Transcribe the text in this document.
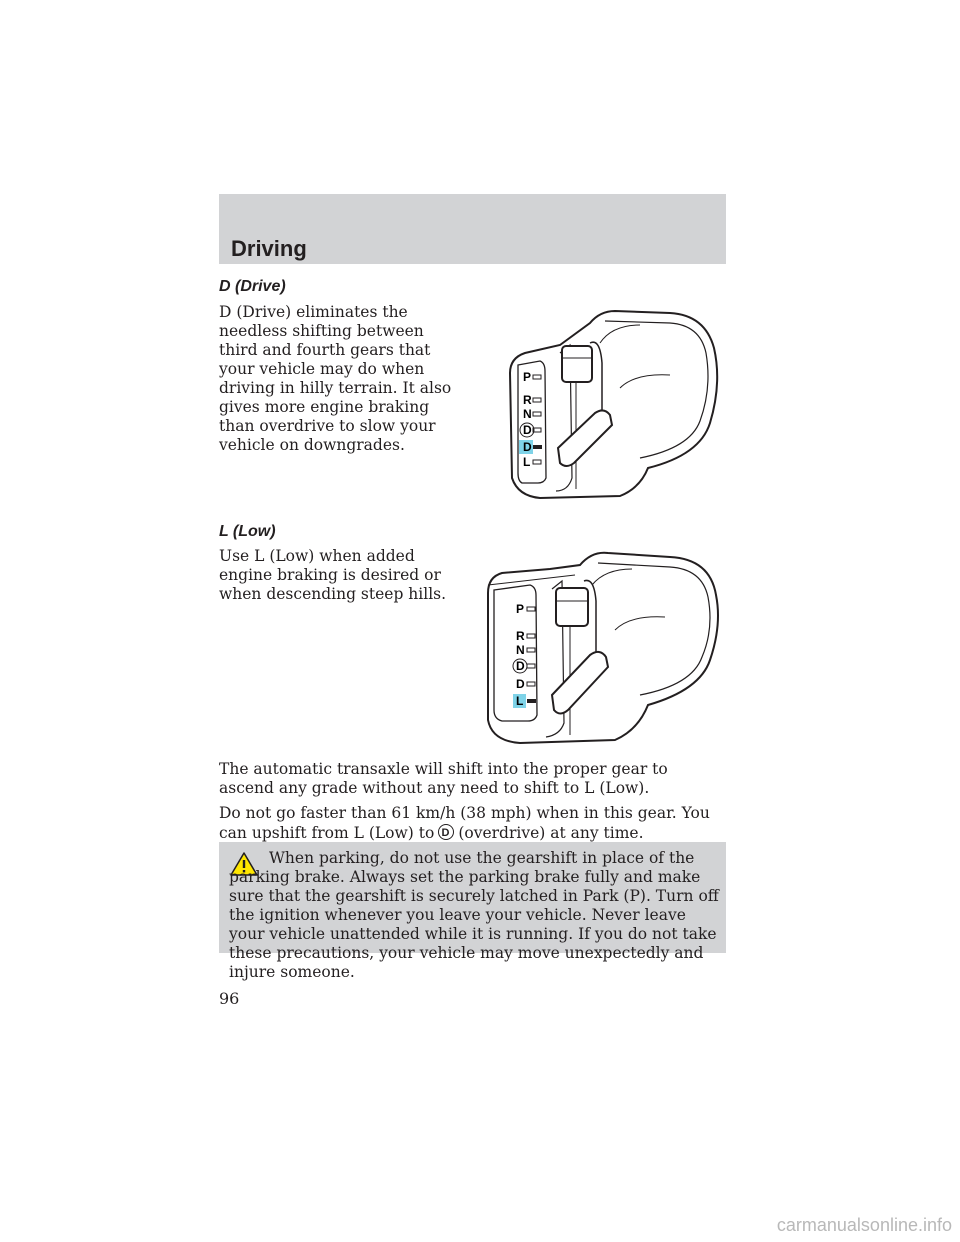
Driving
D (Drive)

D (Drive) eliminates the needless shifting between third and fourth gears that your vehicle may do when driving in hilly terrain. It also gives more engine braking than overdrive to slow your vehicle on downgrades.

P
R
N
D
D
L
L (Low)

Use L (Low) when added engine braking is desired or when descending steep hills.

P
R
N
D
D
L

The automatic transaxle will shift into the proper gear to ascend any grade without any need to shift to L (Low).

Do not go faster than 61 km/h (38 mph) when in this gear. You can upshift from L (Low) to D (overdrive) at any time.

When parking, do not use the gearshift in place of the parking brake. Always set the parking brake fully and make sure that the gearshift is securely latched in Park (P). Turn off the ignition whenever you leave your vehicle. Never leave your vehicle unattended while it is running. If you do not take these precautions, your vehicle may move unexpectedly and injure someone.

96
carmanualsonline.info
